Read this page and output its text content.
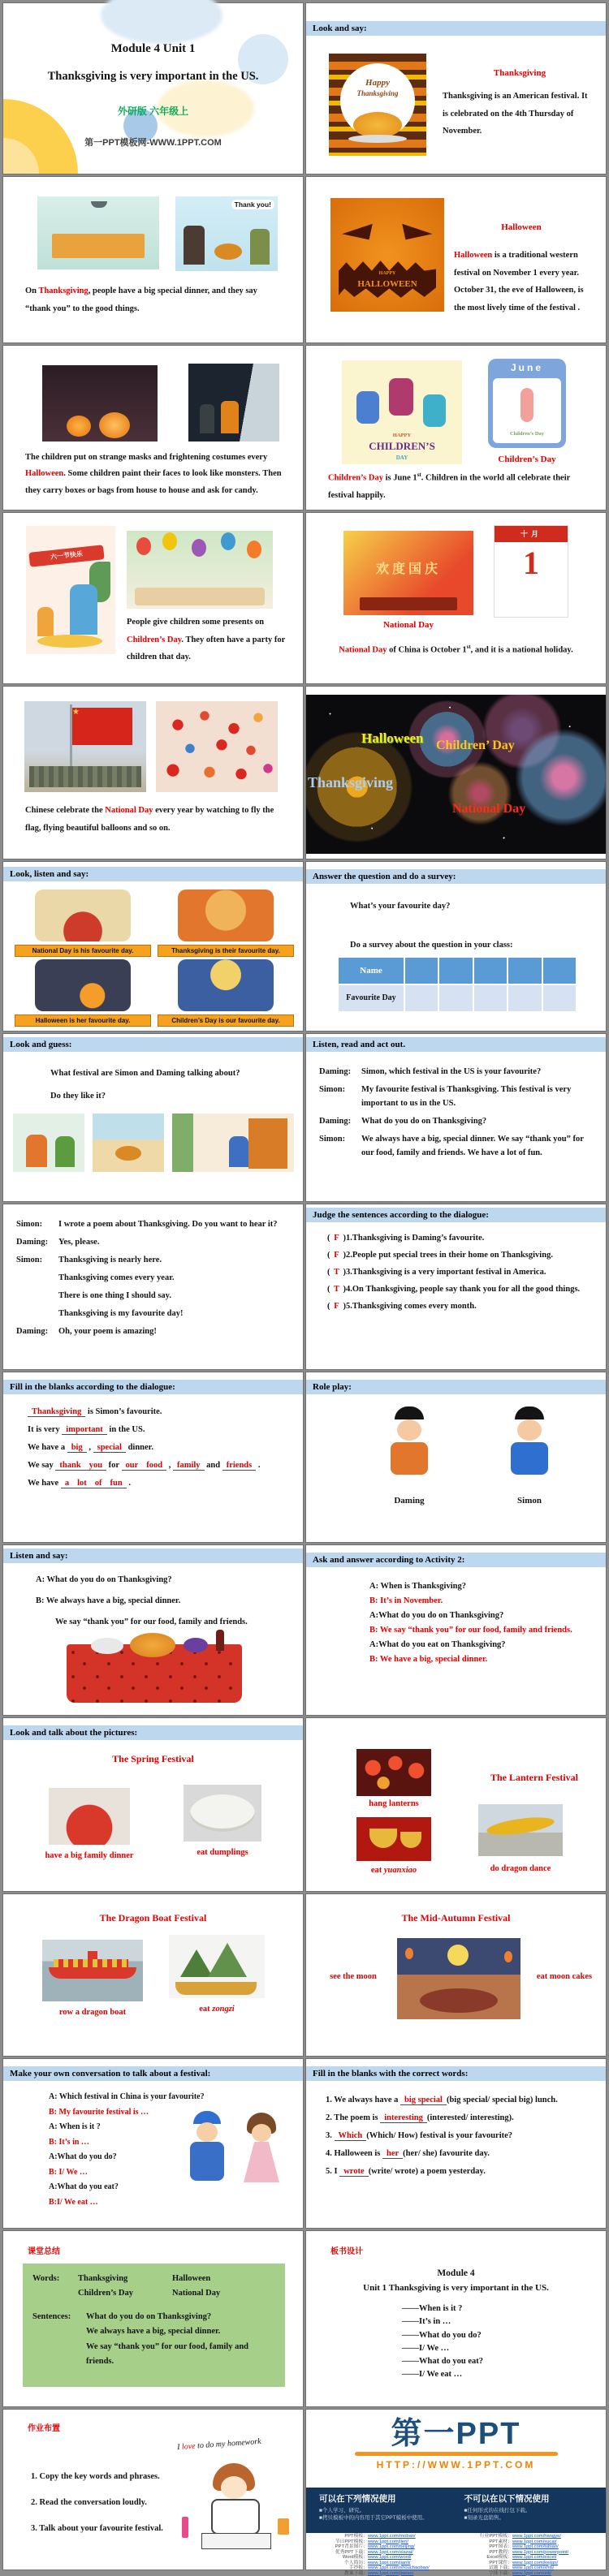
Module 4 Unit 1
Thanksgiving is very important in the US.
外研版 六年级上
第一PPT模板网-WWW.1PPT.COM
Look and say:
Happy
Thanksgiving
Thanksgiving
Thanksgiving is an American festival. It is celebrated on the 4th Thursday of November.
Thank you!
On Thanksgiving, people have a big special dinner, and they say “thank you” to the good things.
HAPPY
HALLOWEEN
Halloween
Halloween is a traditional western festival on November 1 every year. October 31, the eve of Halloween, is the most lively time of the festival .
The children put on strange masks and frightening costumes every Halloween. Some children paint their faces to look like monsters. Then they carry boxes or bags from house to house and ask for candy.
HAPPY
CHILDREN’S
DAY
June
Children’s Day
Children’s Day
Children’s Day is June 1st. Children in the world all celebrate their festival happily.
六一节快乐
People give children some presents on Children’s Day. They often have a party for children that day.
欢度国庆
National Day
十月
1
National Day of China is October 1st, and it is a national holiday.
★
Chinese celebrate the National Day every year by watching to fly the flag, flying beautiful balloons and so on.
Halloween Children’ Day
Thanksgiving
National Day
Look, listen and say:
National Day is his favourite day.	Thanksgiving is their favourite day.
Halloween is her favourite day.	Children’s Day is our favourite day.
Answer the question and do a survey:
What’s your favourite day?
Do a survey about the question in your class:
Name
Favourite Day
Look and guess:
What festival are Simon and Daming talking about?
Do they like it?
Listen, read and act out.
Daming: Simon, which festival in the US is your favourite?
Simon: My favourite festival is Thanksgiving. This festival is very important to us in the US.
Daming: What do you do on Thanksgiving?
Simon: We always have a big, special dinner. We say “thank you” for our food, family and friends. We have a lot of fun.
Simon: I wrote a poem about Thanksgiving. Do you want to hear it?
Daming: Yes, please.
Simon: Thanksgiving is nearly here.
Thanksgiving comes every year.
There is one thing I should say.
Thanksgiving is my favourite day!
Daming: Oh, your poem is amazing!
Judge the sentences according to the dialogue:
( F )1.Thanksgiving is Daming’s favourite.
( F )2.People put special trees in their home on Thanksgiving.
( T )3.Thanksgiving is a very important festival in America.
( T )4.On Thanksgiving, people say thank you for all the good things.
( F )5.Thanksgiving comes every month.
Fill in the blanks according to the dialogue:
Thanksgiving is Simon’s favourite.
It is very important in the US.
We have a big , special dinner.
We say thank you for our food , family and friends .
We have a lot of fun .
Role play:
Daming	Simon
Listen and say:
A: What do you do on Thanksgiving?
B: We always have a big, special dinner.
We say “thank you” for our food, family and friends.
Ask and answer according to Activity 2:
A: When is Thanksgiving?
B: It’s in November.
A:What do you do on Thanksgiving?
B: We say “thank you” for our food, family and friends.
A:What do you eat on Thanksgiving?
B: We have a big, special dinner.
Look and talk about the pictures:
The Spring Festival
have a big family dinner	eat dumplings
hang lanterns
The Lantern Festival
eat yuanxiao	do dragon dance
The Dragon Boat Festival
row a dragon boat	eat zongzi
The Mid-Autumn Festival
see the moon	eat moon cakes
Make your own conversation to talk about a festival:
A: Which festival in China is your favourite?
B: My favourite festival is …
A: When is it ?
B: It’s in …
A:What do you do?
B: I/ We …
A:What do you eat?
B:I/ We eat …
Fill in the blanks with the correct words:
1. We always have a big special (big special/ special big) lunch.
2. The poem is interesting (interested/ interesting).
3. Which (Which/ How) festival is your favourite?
4. Halloween is her (her/ she) favourite day.
5. I wrote (write/ wrote) a poem yesterday.
课堂总结
Words: Thanksgiving	Halloween
Children’s Day	National Day
Sentences: What do you do on Thanksgiving?
We always have a big, special dinner.
We say “thank you” for our food, family and friends.
板书设计
Module 4
Unit 1 Thanksgiving is very important in the US.
——When is it ?
——It’s in …
——What do you do?
——I/ We …
——What do you eat?
——I/ We eat …
作业布置
1. Copy the key words and phrases.
2. Read the conversation loudly.
3. Talk about your favourite festival.
I love to do my homework	第一PPT
HTTP://WWW.1PPT.COM
可以在下列情况使用
■个人学习、研究。
■拷贝模板中的内容用于其它PPT模板中使用。
不可以在以下情况使用
■任何形式的在线打包下载。
■刻录光盘销售。
PPT模板： www.1ppt.com/moban/	行业PPT模板： www.1ppt.com/hangye/
节日PPT模板： www.1ppt.com/jieri/	PPT素材： www.1ppt.com/sucai/
PPT背景图片： www.1ppt.com/beijing/	PPT图表： www.1ppt.com/tubiao/
优秀PPT下载： www.1ppt.com/xiazai/	PPT教程： www.1ppt.com/powerpoint/
Word模板： www.1ppt.com/word/	Excel模板： www.1ppt.com/excel/
个人简历： www.1ppt.com/jianli/	PPT课件： www.1ppt.com/kejian/
手抄报： www.1ppt.com/shouchaobao/	试题下载： www.1ppt.com/shiti/
教案下载： www.1ppt.com/jiaoan/	字体下载： www.1ppt.com/ziti/
